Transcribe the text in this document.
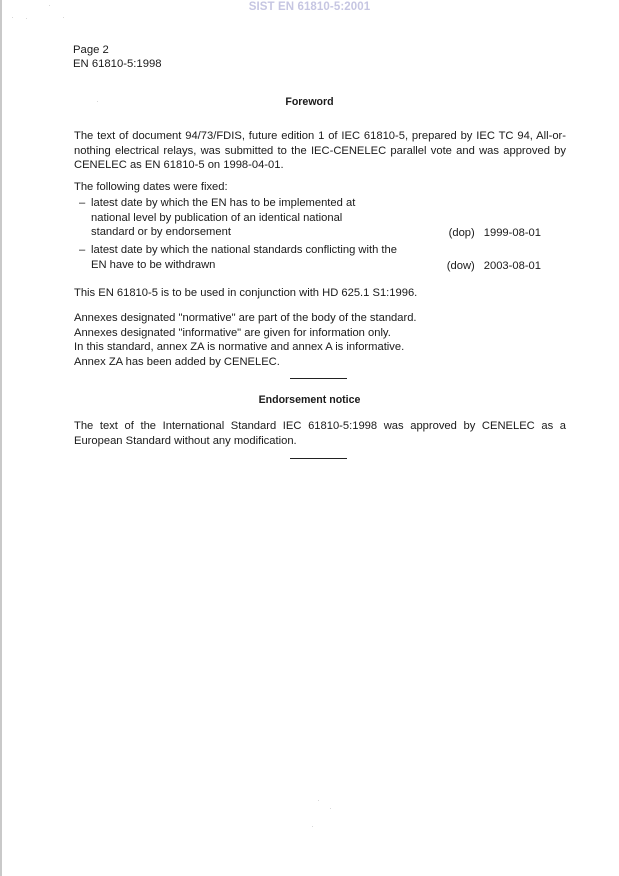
SIST EN 61810-5:2001
Page 2
EN 61810-5:1998
Foreword
The text of document 94/73/FDIS, future edition 1 of IEC 61810-5, prepared by IEC TC 94, All-or-nothing electrical relays, was submitted to the IEC-CENELEC parallel vote and was approved by CENELEC as EN 61810-5 on 1998-04-01.
The following dates were fixed:
– latest date by which the EN has to be implemented at national level by publication of an identical national standard or by endorsement	(dop) 1999-08-01
– latest date by which the national standards conflicting with the EN have to be withdrawn	(dow) 2003-08-01
This EN 61810-5 is to be used in conjunction with HD 625.1 S1:1996.
Annexes designated "normative" are part of the body of the standard.
Annexes designated "informative" are given for information only.
In this standard, annex ZA is normative and annex A is informative.
Annex ZA has been added by CENELEC.
Endorsement notice
The text of the International Standard IEC 61810-5:1998 was approved by CENELEC as a European Standard without any modification.
